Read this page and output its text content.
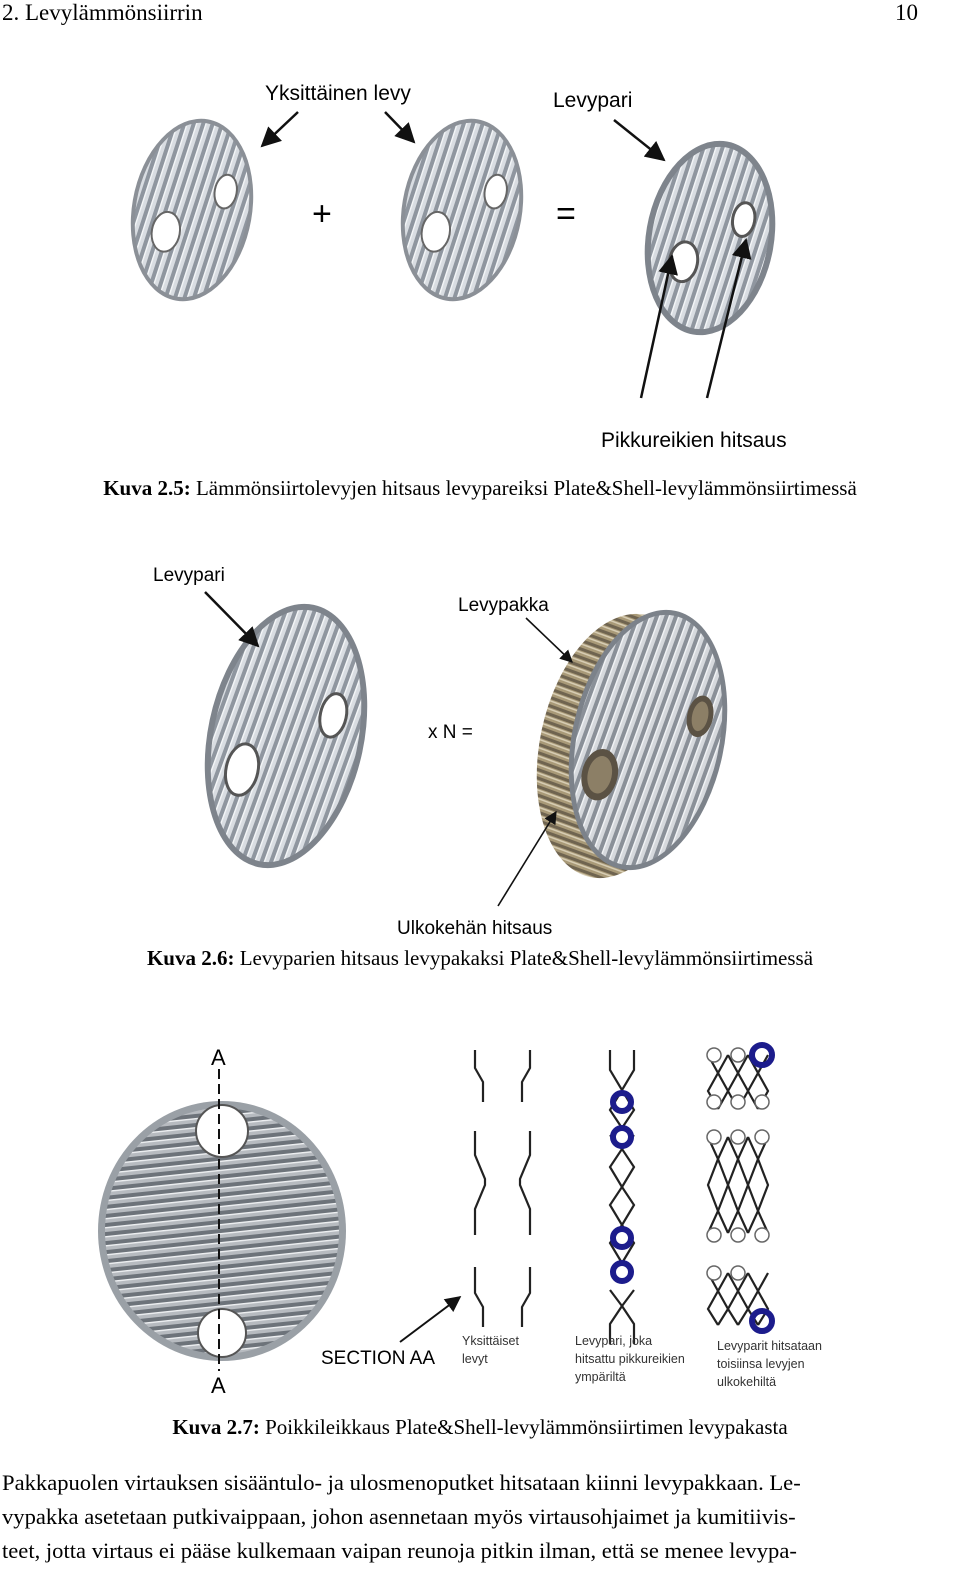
2. Levylämmönsiirrin	10
Yksittäinen levy	Levypari
+	=
Pikkureikien hitsaus
Kuva 2.5: Lämmönsiirtolevyjen hitsaus levypareiksi Plate&Shell-levylämmönsiirtimessä
Levypari
Levypakka
x N =
Ulkokehän hitsaus
Kuva 2.6: Levyparien hitsaus levypakaksi Plate&Shell-levylämmönsiirtimessä
A
A
SECTION AA
Yksittäiset levyt
Levypari, joka hitsattu pikkureikien ympäriltä
Levyparit hitsataan toisiinsa levyjen ulkokehiltä
Kuva 2.7: Poikkileikkaus Plate&Shell-levylämmönsiirtimen levypakasta
Pakkapuolen virtauksen sisääntulo- ja ulosmenoputket hitsataan kiinni levypakkaan. Le-
vypakka asetetaan putkivaippaan, johon asennetaan myös virtausohjaimet ja kumitiivis-
teet, jotta virtaus ei pääse kulkemaan vaipan reunoja pitkin ilman, että se menee levypa-
